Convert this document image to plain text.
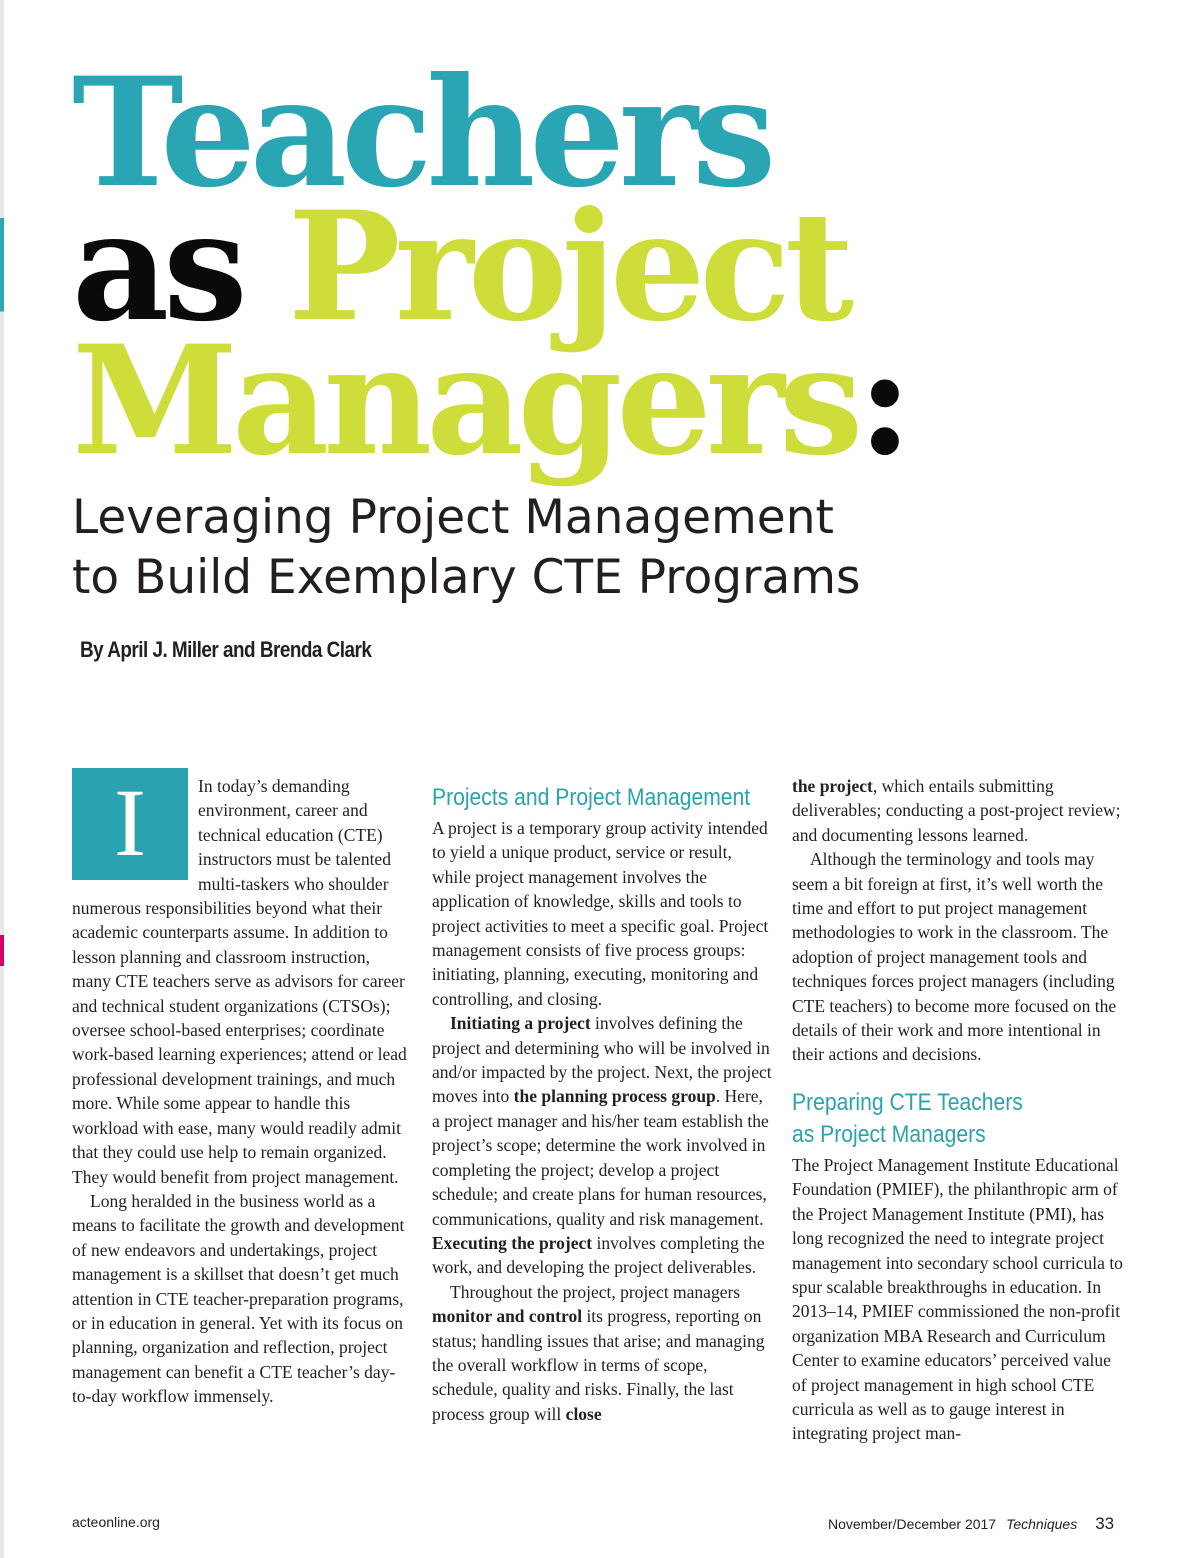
Teachers
as Project
Managers:
Leveraging Project Management
to Build Exemplary CTE Programs
By April J. Miller and Brenda Clark
I	In today’s demanding environment, career and technical education (CTE) instructors must be talented multi-taskers who shoulder numerous responsibilities beyond what their academic counterparts assume. In addition to lesson planning and classroom instruction, many CTE teachers serve as advisors for career and technical student organizations (CTSOs); oversee school-based enterprises; coordinate work-based learning experiences; attend or lead professional development trainings, and much more. While some appear to handle this workload with ease, many would readily admit that they could use help to remain organized. They would benefit from project management.

Long heralded in the business world as a means to facilitate the growth and development of new endeavors and undertakings, project management is a skillset that doesn’t get much attention in CTE teacher-preparation programs, or in education in general. Yet with its focus on planning, organization and reflection, project management can benefit a CTE teacher’s day-to-day workflow immensely.

Projects and Project Management

A project is a temporary group activity intended to yield a unique product, service or result, while project management involves the application of knowledge, skills and tools to project activities to meet a specific goal. Project management consists of five process groups: initiating, planning, executing, monitoring and controlling, and closing.

Initiating a project involves defining the project and determining who will be involved in and/or impacted by the project. Next, the project moves into the planning process group. Here, a project manager and his/her team establish the project’s scope; determine the work involved in completing the project; develop a project schedule; and create plans for human resources, communications, quality and risk management. Executing the project involves completing the work, and developing the project deliverables.

Throughout the project, project managers monitor and control its progress, reporting on status; handling issues that arise; and managing the overall workflow in terms of scope, schedule, quality and risks. Finally, the last process group will close

the project, which entails submitting deliverables; conducting a post-project review; and documenting lessons learned.

Although the terminology and tools may seem a bit foreign at first, it’s well worth the time and effort to put project management methodologies to work in the classroom. The adoption of project management tools and techniques forces project managers (including CTE teachers) to become more focused on the details of their work and more intentional in their actions and decisions.

Preparing CTE Teachers
as Project Managers

The Project Management Institute Educational Foundation (PMIEF), the philanthropic arm of the Project Management Institute (PMI), has long recognized the need to integrate project management into secondary school curricula to spur scalable breakthroughs in education. In 2013–14, PMIEF commissioned the non-profit organization MBA Research and Curriculum Center to examine educators’ perceived value of project management in high school CTE curricula as well as to gauge interest in integrating project man-

acteonline.org	November/December 2017 Techniques 33
